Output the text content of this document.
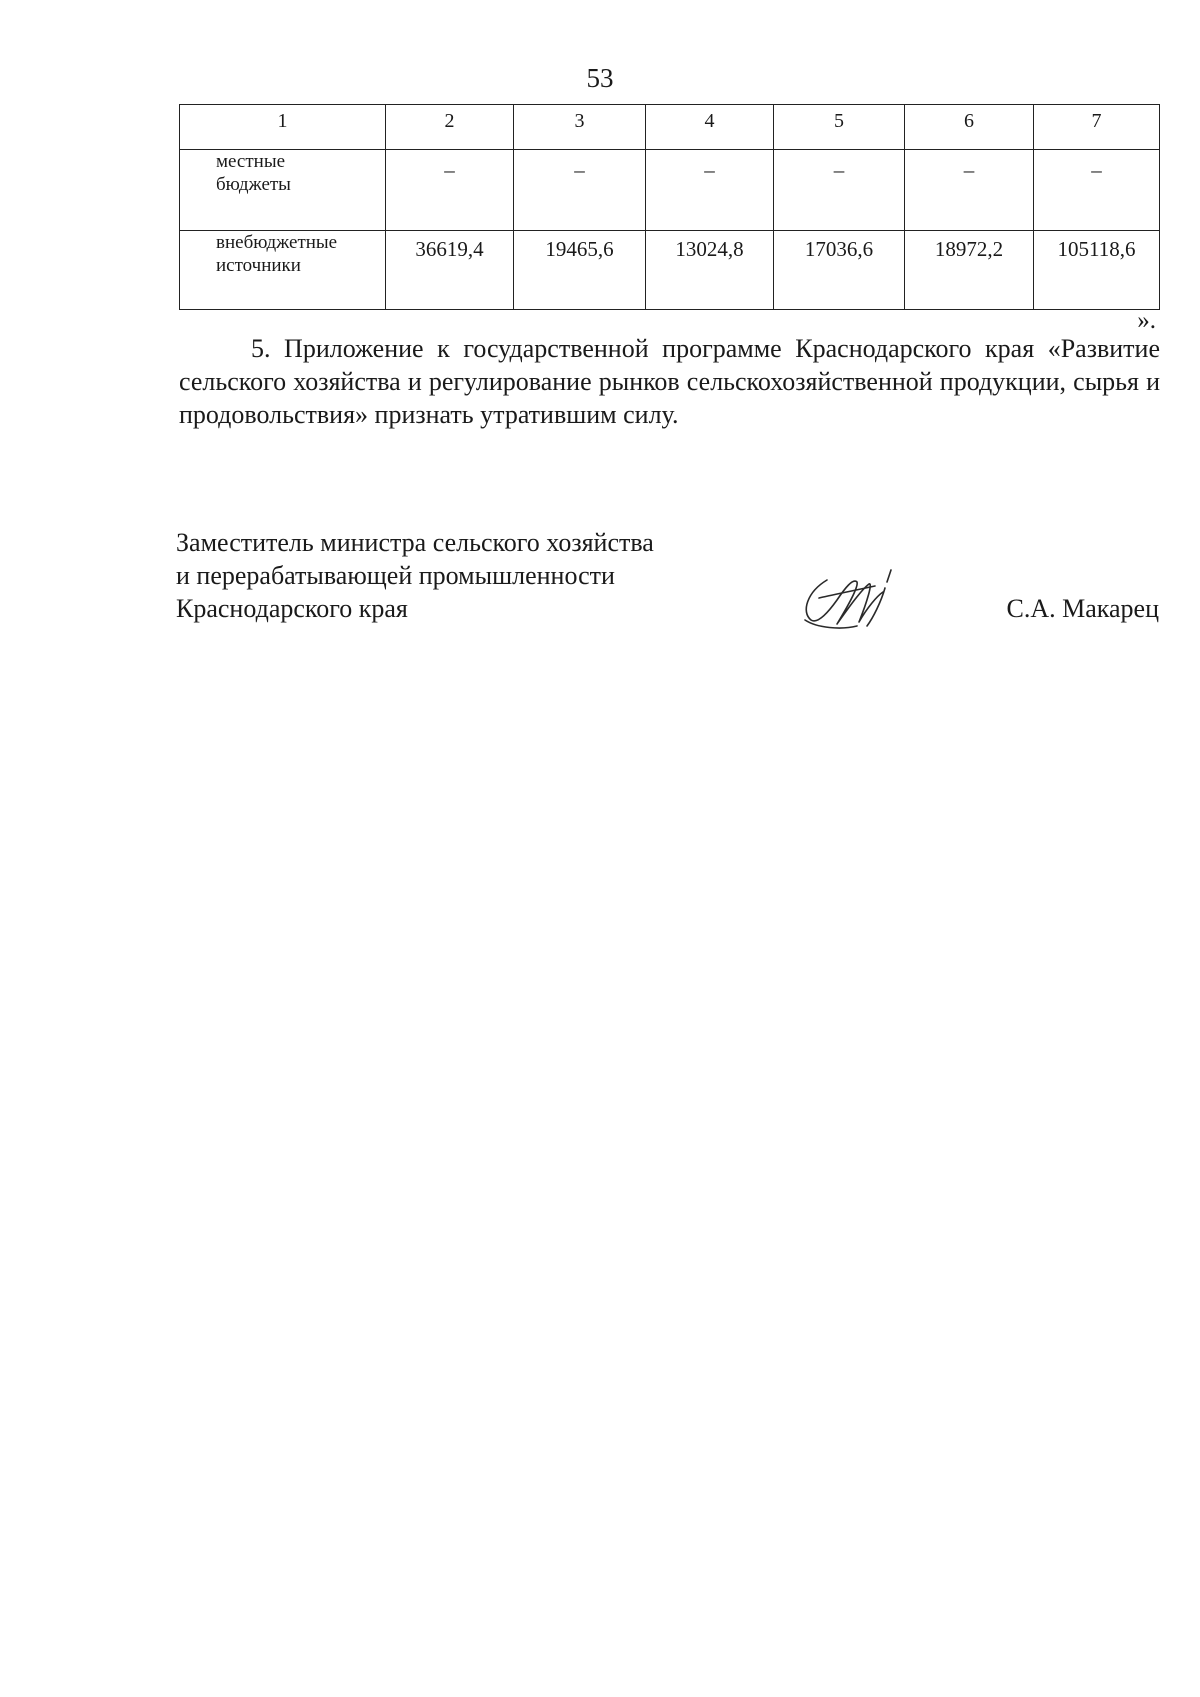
53
1	2	3	4	5	6	7

местные
бюджеты	–	–	–	–	–	–

внебюджетные
источники	36619,4	19465,6	13024,8	17036,6	18972,2	105118,6
».
5. Приложение к государственной программе Краснодарского края «Развитие сельского хозяйства и регулирование рынков сельскохозяйственной продукции, сырья и продовольствия» признать утратившим силу.
Заместитель министра сельского хозяйства
и перерабатывающей промышленности
Краснодарского края	С.А. Макарец
